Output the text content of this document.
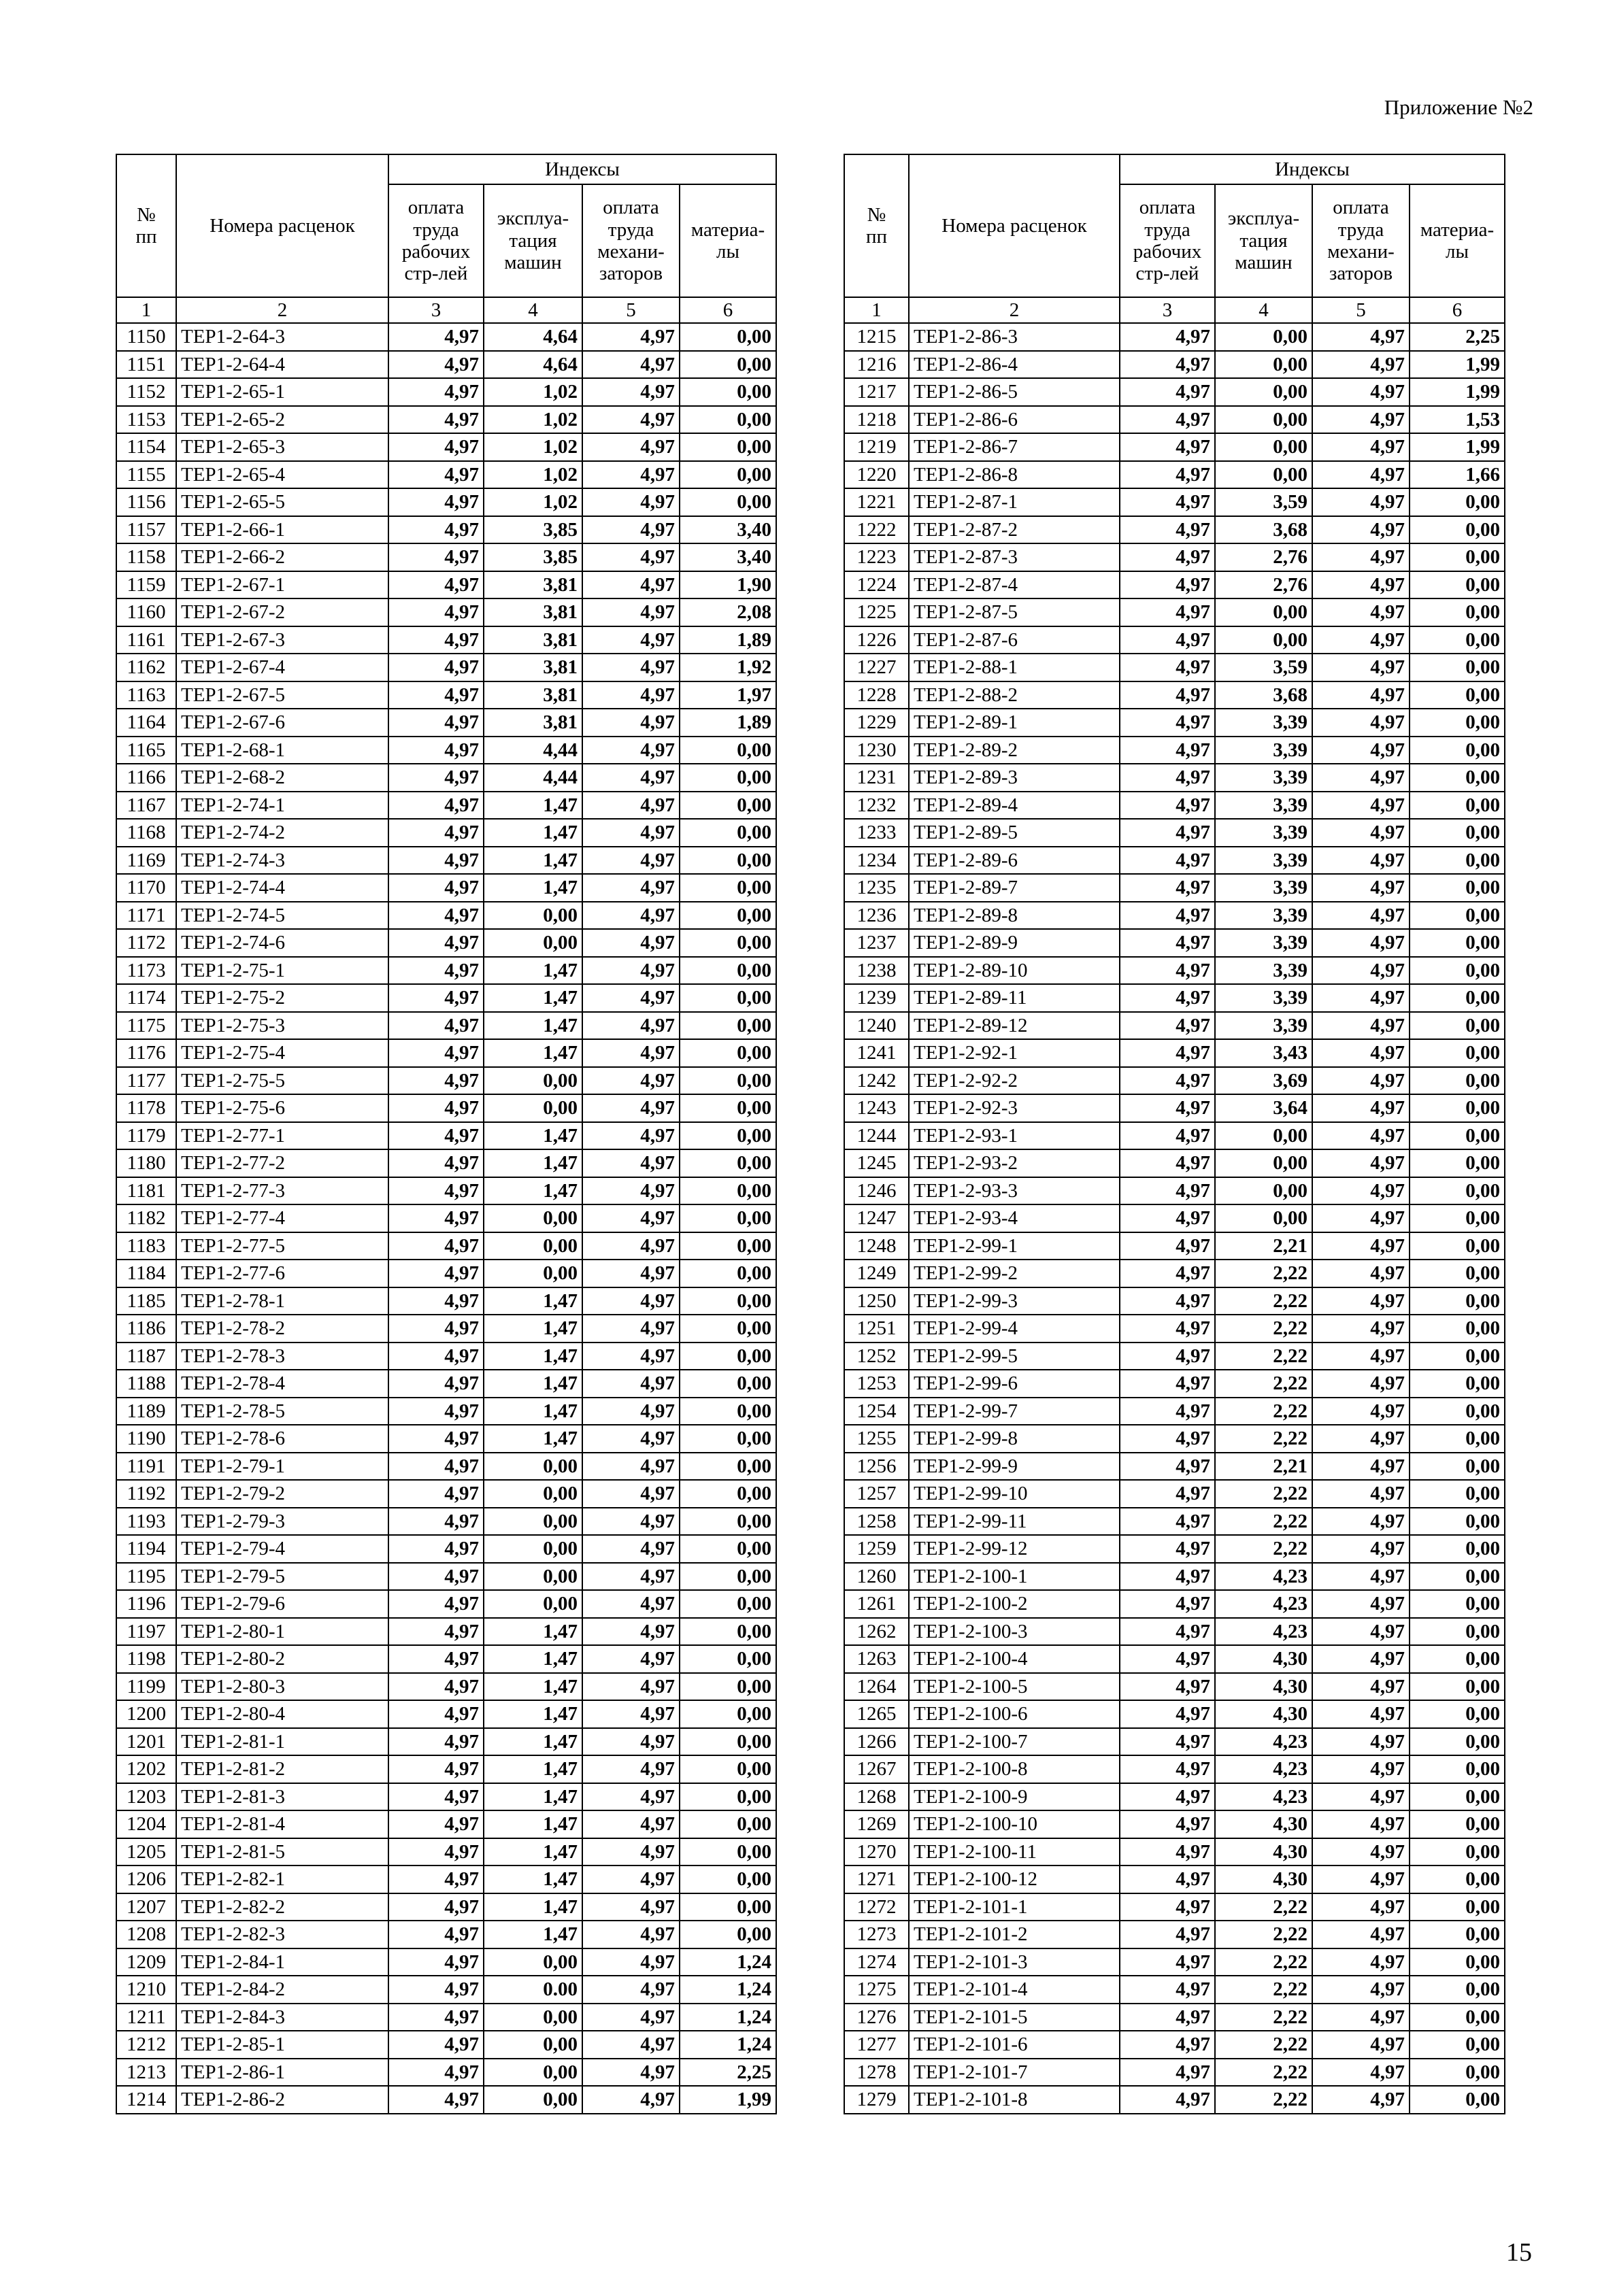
Приложение №2
№
пп	Номера расценок	Индексы			
		оплата
труда
рабочих
стр-лей	эксплуа-
тация
машин	оплата
труда
механи-
заторов	материа-
лы
1	2	3	4	5	6
1150	ТЕР1-2-64-3	4,97	4,64	4,97	0,00
1151	ТЕР1-2-64-4	4,97	4,64	4,97	0,00
1152	ТЕР1-2-65-1	4,97	1,02	4,97	0,00
1153	ТЕР1-2-65-2	4,97	1,02	4,97	0,00
1154	ТЕР1-2-65-3	4,97	1,02	4,97	0,00
1155	ТЕР1-2-65-4	4,97	1,02	4,97	0,00
1156	ТЕР1-2-65-5	4,97	1,02	4,97	0,00
1157	ТЕР1-2-66-1	4,97	3,85	4,97	3,40
1158	ТЕР1-2-66-2	4,97	3,85	4,97	3,40
1159	ТЕР1-2-67-1	4,97	3,81	4,97	1,90
1160	ТЕР1-2-67-2	4,97	3,81	4,97	2,08
1161	ТЕР1-2-67-3	4,97	3,81	4,97	1,89
1162	ТЕР1-2-67-4	4,97	3,81	4,97	1,92
1163	ТЕР1-2-67-5	4,97	3,81	4,97	1,97
1164	ТЕР1-2-67-6	4,97	3,81	4,97	1,89
1165	ТЕР1-2-68-1	4,97	4,44	4,97	0,00
1166	ТЕР1-2-68-2	4,97	4,44	4,97	0,00
1167	ТЕР1-2-74-1	4,97	1,47	4,97	0,00
1168	ТЕР1-2-74-2	4,97	1,47	4,97	0,00
1169	ТЕР1-2-74-3	4,97	1,47	4,97	0,00
1170	ТЕР1-2-74-4	4,97	1,47	4,97	0,00
1171	ТЕР1-2-74-5	4,97	0,00	4,97	0,00
1172	ТЕР1-2-74-6	4,97	0,00	4,97	0,00
1173	ТЕР1-2-75-1	4,97	1,47	4,97	0,00
1174	ТЕР1-2-75-2	4,97	1,47	4,97	0,00
1175	ТЕР1-2-75-3	4,97	1,47	4,97	0,00
1176	ТЕР1-2-75-4	4,97	1,47	4,97	0,00
1177	ТЕР1-2-75-5	4,97	0,00	4,97	0,00
1178	ТЕР1-2-75-6	4,97	0,00	4,97	0,00
1179	ТЕР1-2-77-1	4,97	1,47	4,97	0,00
1180	ТЕР1-2-77-2	4,97	1,47	4,97	0,00
1181	ТЕР1-2-77-3	4,97	1,47	4,97	0,00
1182	ТЕР1-2-77-4	4,97	0,00	4,97	0,00
1183	ТЕР1-2-77-5	4,97	0,00	4,97	0,00
1184	ТЕР1-2-77-6	4,97	0,00	4,97	0,00
1185	ТЕР1-2-78-1	4,97	1,47	4,97	0,00
1186	ТЕР1-2-78-2	4,97	1,47	4,97	0,00
1187	ТЕР1-2-78-3	4,97	1,47	4,97	0,00
1188	ТЕР1-2-78-4	4,97	1,47	4,97	0,00
1189	ТЕР1-2-78-5	4,97	1,47	4,97	0,00
1190	ТЕР1-2-78-6	4,97	1,47	4,97	0,00
1191	ТЕР1-2-79-1	4,97	0,00	4,97	0,00
1192	ТЕР1-2-79-2	4,97	0,00	4,97	0,00
1193	ТЕР1-2-79-3	4,97	0,00	4,97	0,00
1194	ТЕР1-2-79-4	4,97	0,00	4,97	0,00
1195	ТЕР1-2-79-5	4,97	0,00	4,97	0,00
1196	ТЕР1-2-79-6	4,97	0,00	4,97	0,00
1197	ТЕР1-2-80-1	4,97	1,47	4,97	0,00
1198	ТЕР1-2-80-2	4,97	1,47	4,97	0,00
1199	ТЕР1-2-80-3	4,97	1,47	4,97	0,00
1200	ТЕР1-2-80-4	4,97	1,47	4,97	0,00
1201	ТЕР1-2-81-1	4,97	1,47	4,97	0,00
1202	ТЕР1-2-81-2	4,97	1,47	4,97	0,00
1203	ТЕР1-2-81-3	4,97	1,47	4,97	0,00
1204	ТЕР1-2-81-4	4,97	1,47	4,97	0,00
1205	ТЕР1-2-81-5	4,97	1,47	4,97	0,00
1206	ТЕР1-2-82-1	4,97	1,47	4,97	0,00
1207	ТЕР1-2-82-2	4,97	1,47	4,97	0,00
1208	ТЕР1-2-82-3	4,97	1,47	4,97	0,00
1209	ТЕР1-2-84-1	4,97	0,00	4,97	1,24
1210	ТЕР1-2-84-2	4,97	0.00	4,97	1,24
1211	ТЕР1-2-84-3	4,97	0,00	4,97	1,24
1212	ТЕР1-2-85-1	4,97	0,00	4,97	1,24
1213	ТЕР1-2-86-1	4,97	0,00	4,97	2,25
1214	ТЕР1-2-86-2	4,97	0,00	4,97	1,99
№
пп	Номера расценок	Индексы			
		оплата
труда
рабочих
стр-лей	эксплуа-
тация
машин	оплата
труда
механи-
заторов	материа-
лы
1	2	3	4	5	6
1215	ТЕР1-2-86-3	4,97	0,00	4,97	2,25
1216	ТЕР1-2-86-4	4,97	0,00	4,97	1,99
1217	ТЕР1-2-86-5	4,97	0,00	4,97	1,99
1218	ТЕР1-2-86-6	4,97	0,00	4,97	1,53
1219	ТЕР1-2-86-7	4,97	0,00	4,97	1,99
1220	ТЕР1-2-86-8	4,97	0,00	4,97	1,66
1221	ТЕР1-2-87-1	4,97	3,59	4,97	0,00
1222	ТЕР1-2-87-2	4,97	3,68	4,97	0,00
1223	ТЕР1-2-87-3	4,97	2,76	4,97	0,00
1224	ТЕР1-2-87-4	4,97	2,76	4,97	0,00
1225	ТЕР1-2-87-5	4,97	0,00	4,97	0,00
1226	ТЕР1-2-87-6	4,97	0,00	4,97	0,00
1227	ТЕР1-2-88-1	4,97	3,59	4,97	0,00
1228	ТЕР1-2-88-2	4,97	3,68	4,97	0,00
1229	ТЕР1-2-89-1	4,97	3,39	4,97	0,00
1230	ТЕР1-2-89-2	4,97	3,39	4,97	0,00
1231	ТЕР1-2-89-3	4,97	3,39	4,97	0,00
1232	ТЕР1-2-89-4	4,97	3,39	4,97	0,00
1233	ТЕР1-2-89-5	4,97	3,39	4,97	0,00
1234	ТЕР1-2-89-6	4,97	3,39	4,97	0,00
1235	ТЕР1-2-89-7	4,97	3,39	4,97	0,00
1236	ТЕР1-2-89-8	4,97	3,39	4,97	0,00
1237	ТЕР1-2-89-9	4,97	3,39	4,97	0,00
1238	ТЕР1-2-89-10	4,97	3,39	4,97	0,00
1239	ТЕР1-2-89-11	4,97	3,39	4,97	0,00
1240	ТЕР1-2-89-12	4,97	3,39	4,97	0,00
1241	ТЕР1-2-92-1	4,97	3,43	4,97	0,00
1242	ТЕР1-2-92-2	4,97	3,69	4,97	0,00
1243	ТЕР1-2-92-3	4,97	3,64	4,97	0,00
1244	ТЕР1-2-93-1	4,97	0,00	4,97	0,00
1245	ТЕР1-2-93-2	4,97	0,00	4,97	0,00
1246	ТЕР1-2-93-3	4,97	0,00	4,97	0,00
1247	ТЕР1-2-93-4	4,97	0,00	4,97	0,00
1248	ТЕР1-2-99-1	4,97	2,21	4,97	0,00
1249	ТЕР1-2-99-2	4,97	2,22	4,97	0,00
1250	ТЕР1-2-99-3	4,97	2,22	4,97	0,00
1251	ТЕР1-2-99-4	4,97	2,22	4,97	0,00
1252	ТЕР1-2-99-5	4,97	2,22	4,97	0,00
1253	ТЕР1-2-99-6	4,97	2,22	4,97	0,00
1254	ТЕР1-2-99-7	4,97	2,22	4,97	0,00
1255	ТЕР1-2-99-8	4,97	2,22	4,97	0,00
1256	ТЕР1-2-99-9	4,97	2,21	4,97	0,00
1257	ТЕР1-2-99-10	4,97	2,22	4,97	0,00
1258	ТЕР1-2-99-11	4,97	2,22	4,97	0,00
1259	ТЕР1-2-99-12	4,97	2,22	4,97	0,00
1260	ТЕР1-2-100-1	4,97	4,23	4,97	0,00
1261	ТЕР1-2-100-2	4,97	4,23	4,97	0,00
1262	ТЕР1-2-100-3	4,97	4,23	4,97	0,00
1263	ТЕР1-2-100-4	4,97	4,30	4,97	0,00
1264	ТЕР1-2-100-5	4,97	4,30	4,97	0,00
1265	ТЕР1-2-100-6	4,97	4,30	4,97	0,00
1266	ТЕР1-2-100-7	4,97	4,23	4,97	0,00
1267	ТЕР1-2-100-8	4,97	4,23	4,97	0,00
1268	ТЕР1-2-100-9	4,97	4,23	4,97	0,00
1269	ТЕР1-2-100-10	4,97	4,30	4,97	0,00
1270	ТЕР1-2-100-11	4,97	4,30	4,97	0,00
1271	ТЕР1-2-100-12	4,97	4,30	4,97	0,00
1272	ТЕР1-2-101-1	4,97	2,22	4,97	0,00
1273	ТЕР1-2-101-2	4,97	2,22	4,97	0,00
1274	ТЕР1-2-101-3	4,97	2,22	4,97	0,00
1275	ТЕР1-2-101-4	4,97	2,22	4,97	0,00
1276	ТЕР1-2-101-5	4,97	2,22	4,97	0,00
1277	ТЕР1-2-101-6	4,97	2,22	4,97	0,00
1278	ТЕР1-2-101-7	4,97	2,22	4,97	0,00
1279	ТЕР1-2-101-8	4,97	2,22	4,97	0,00
15
